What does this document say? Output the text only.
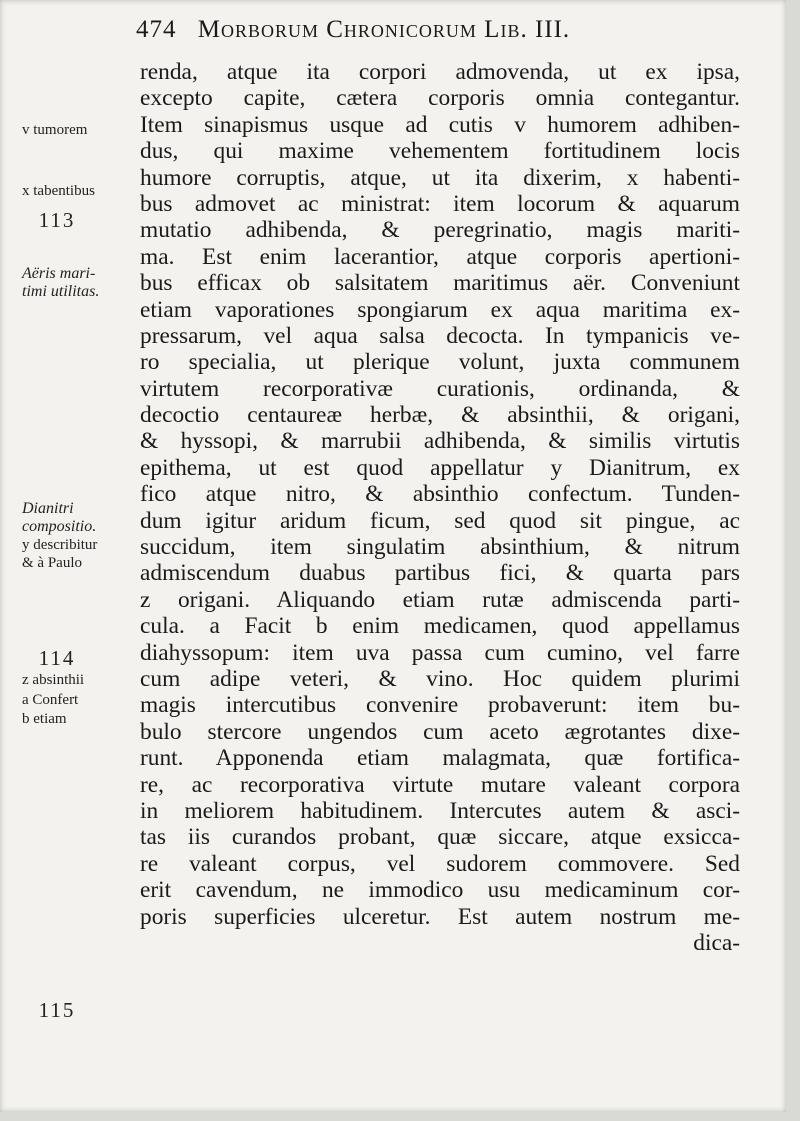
474 Morborum Chronicorum Lib. III.
v tumorem
x tabentibus
113
Aëris mari-
timi utilitas.
Dianitri
compositio.
y describitur
& à Paulo
114
z absinthii
a Confert
b etiam
115
renda, atque ita corpori admovenda, ut ex ipsa,
excepto capite, cætera corporis omnia contegantur.
Item sinapismus usque ad cutis v humorem adhiben-
dus, qui maxime vehementem fortitudinem locis
humore corruptis, atque, ut ita dixerim, x habenti-
bus admovet ac ministrat: item locorum & aquarum
mutatio adhibenda, & peregrinatio, magis mariti-
ma. Est enim lacerantior, atque corporis apertioni-
bus efficax ob salsitatem maritimus aër. Conveniunt
etiam vaporationes spongiarum ex aqua maritima ex-
pressarum, vel aqua salsa decocta. In tympanicis ve-
ro specialia, ut plerique volunt, juxta communem
virtutem recorporativæ curationis, ordinanda, &
decoctio centaureæ herbæ, & absinthii, & origani,
& hyssopi, & marrubii adhibenda, & similis virtutis
epithema, ut est quod appellatur y Dianitrum, ex
fico atque nitro, & absinthio confectum. Tunden-
dum igitur aridum ficum, sed quod sit pingue, ac
succidum, item singulatim absinthium, & nitrum
admiscendum duabus partibus fici, & quarta pars
z origani. Aliquando etiam rutæ admiscenda parti-
cula. a Facit b enim medicamen, quod appellamus
diahyssopum: item uva passa cum cumino, vel farre
cum adipe veteri, & vino. Hoc quidem plurimi
magis intercutibus convenire probaverunt: item bu-
bulo stercore ungendos cum aceto ægrotantes dixe-
runt. Apponenda etiam malagmata, quæ fortifica-
re, ac recorporativa virtute mutare valeant corpora
in meliorem habitudinem. Intercutes autem & asci-
tas iis curandos probant, quæ siccare, atque exsicca-
re valeant corpus, vel sudorem commovere. Sed
erit cavendum, ne immodico usu medicaminum cor-
poris superficies ulceretur. Est autem nostrum me-
dica-
